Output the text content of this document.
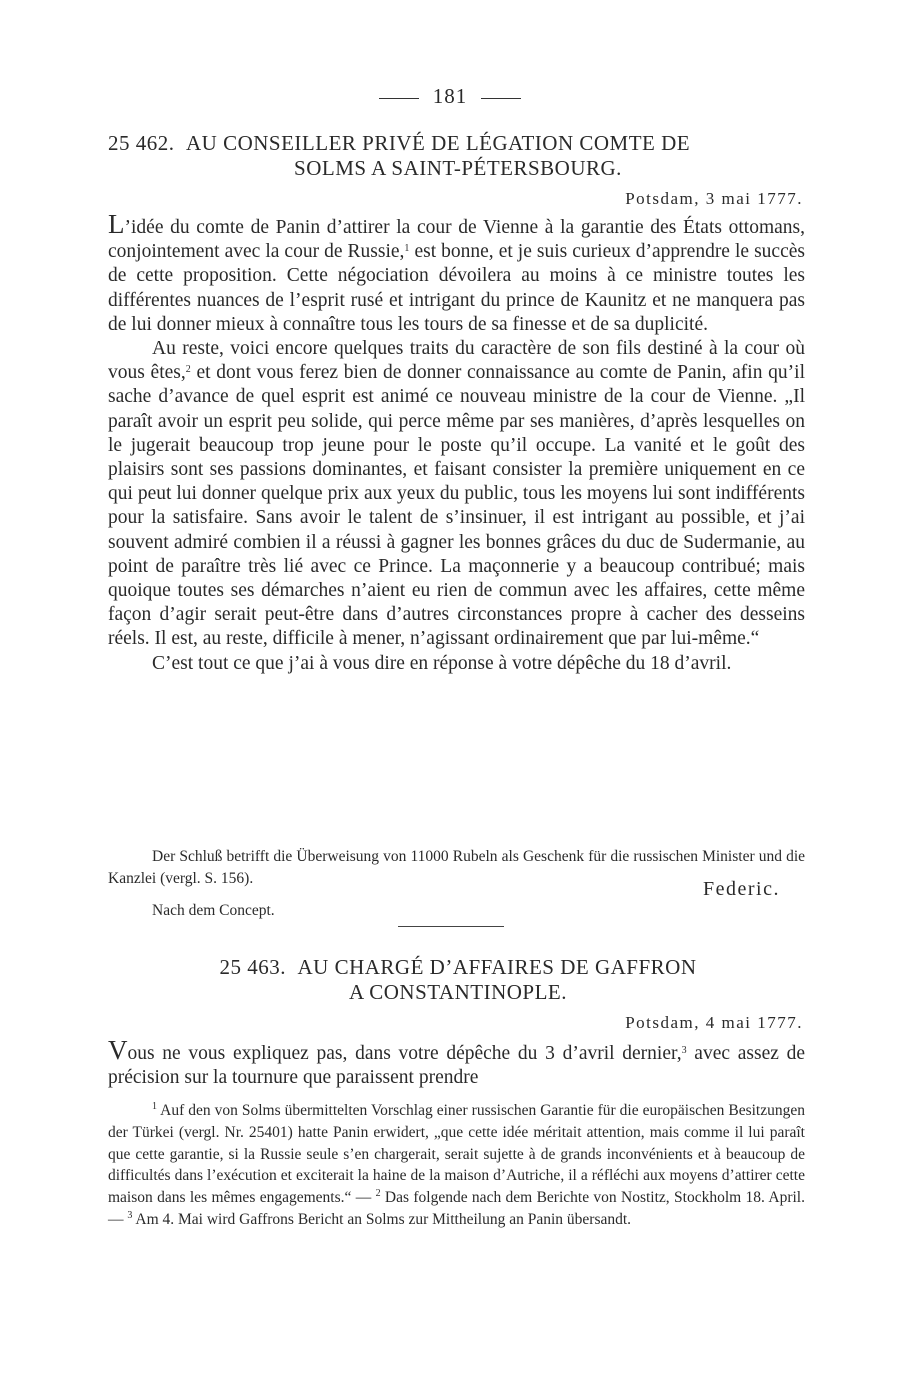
181
25 462. AU CONSEILLER PRIVÉ DE LÉGATION COMTE DE
SOLMS A SAINT-PÉTERSBOURG.
Potsdam, 3 mai 1777.

L’idée du comte de Panin d’attirer la cour de Vienne à la garantie des États ottomans, conjointement avec la cour de Russie,$^1$ est bonne, et je suis curieux d’apprendre le succès de cette proposition. Cette négociation dévoilera au moins à ce ministre toutes les différentes nuances de l’esprit rusé et intrigant du prince de Kaunitz et ne manquera pas de lui donner mieux à connaître tous les tours de sa finesse et de sa duplicité.

Au reste, voici encore quelques traits du caractère de son fils destiné à la cour où vous êtes,$^2$ et dont vous ferez bien de donner connaissance au comte de Panin, afin qu’il sache d’avance de quel esprit est animé ce nouveau ministre de la cour de Vienne. „Il paraît avoir un esprit peu solide, qui perce même par ses manières, d’après lesquelles on le jugerait beaucoup trop jeune pour le poste qu’il occupe. La vanité et le goût des plaisirs sont ses passions dominantes, et faisant consister la première uniquement en ce qui peut lui donner quelque prix aux yeux du public, tous les moyens lui sont indifférents pour la satisfaire. Sans avoir le talent de s’insinuer, il est intrigant au possible, et j’ai souvent admiré combien il a réussi à gagner les bonnes grâces du duc de Sudermanie, au point de paraître très lié avec ce Prince. La maçonnerie y a beaucoup contribué; mais quoique toutes ses démarches n’aient eu rien de commun avec les affaires, cette même façon d’agir serait peut-être dans d’autres circonstances propre à cacher des desseins réels. Il est, au reste, difficile à mener, n’agissant ordinairement que par lui-même.“

C’est tout ce que j’ai à vous dire en réponse à votre dépêche du 18 d’avril.

Der Schluß betrifft die Überweisung von 11000 Rubeln als Geschenk für die russischen Minister und die Kanzlei (vergl. S. 156).	Federic.
Nach dem Concept.
25 463. AU CHARGÉ D’AFFAIRES DE GAFFRON
A CONSTANTINOPLE.
Potsdam, 4 mai 1777.

Vous ne vous expliquez pas, dans votre dépêche du 3 d’avril dernier,$^3$ avec assez de précision sur la tournure que paraissent prendre

$^1$ Auf den von Solms übermittelten Vorschlag einer russischen Garantie für die europäischen Besitzungen der Türkei (vergl. Nr. 25401) hatte Panin erwidert, „que cette idée méritait attention, mais comme il lui paraît que cette garantie, si la Russie seule s’en chargerait, serait sujette à de grands inconvénients et à beaucoup de difficultés dans l’exécution et exciterait la haine de la maison d’Autriche, il a réfléchi aux moyens d’attirer cette maison dans les mêmes engagements.“ — $^2$ Das folgende nach dem Berichte von Nostitz, Stockholm 18. April. — $^3$ Am 4. Mai wird Gaffrons Bericht an Solms zur Mittheilung an Panin übersandt.
